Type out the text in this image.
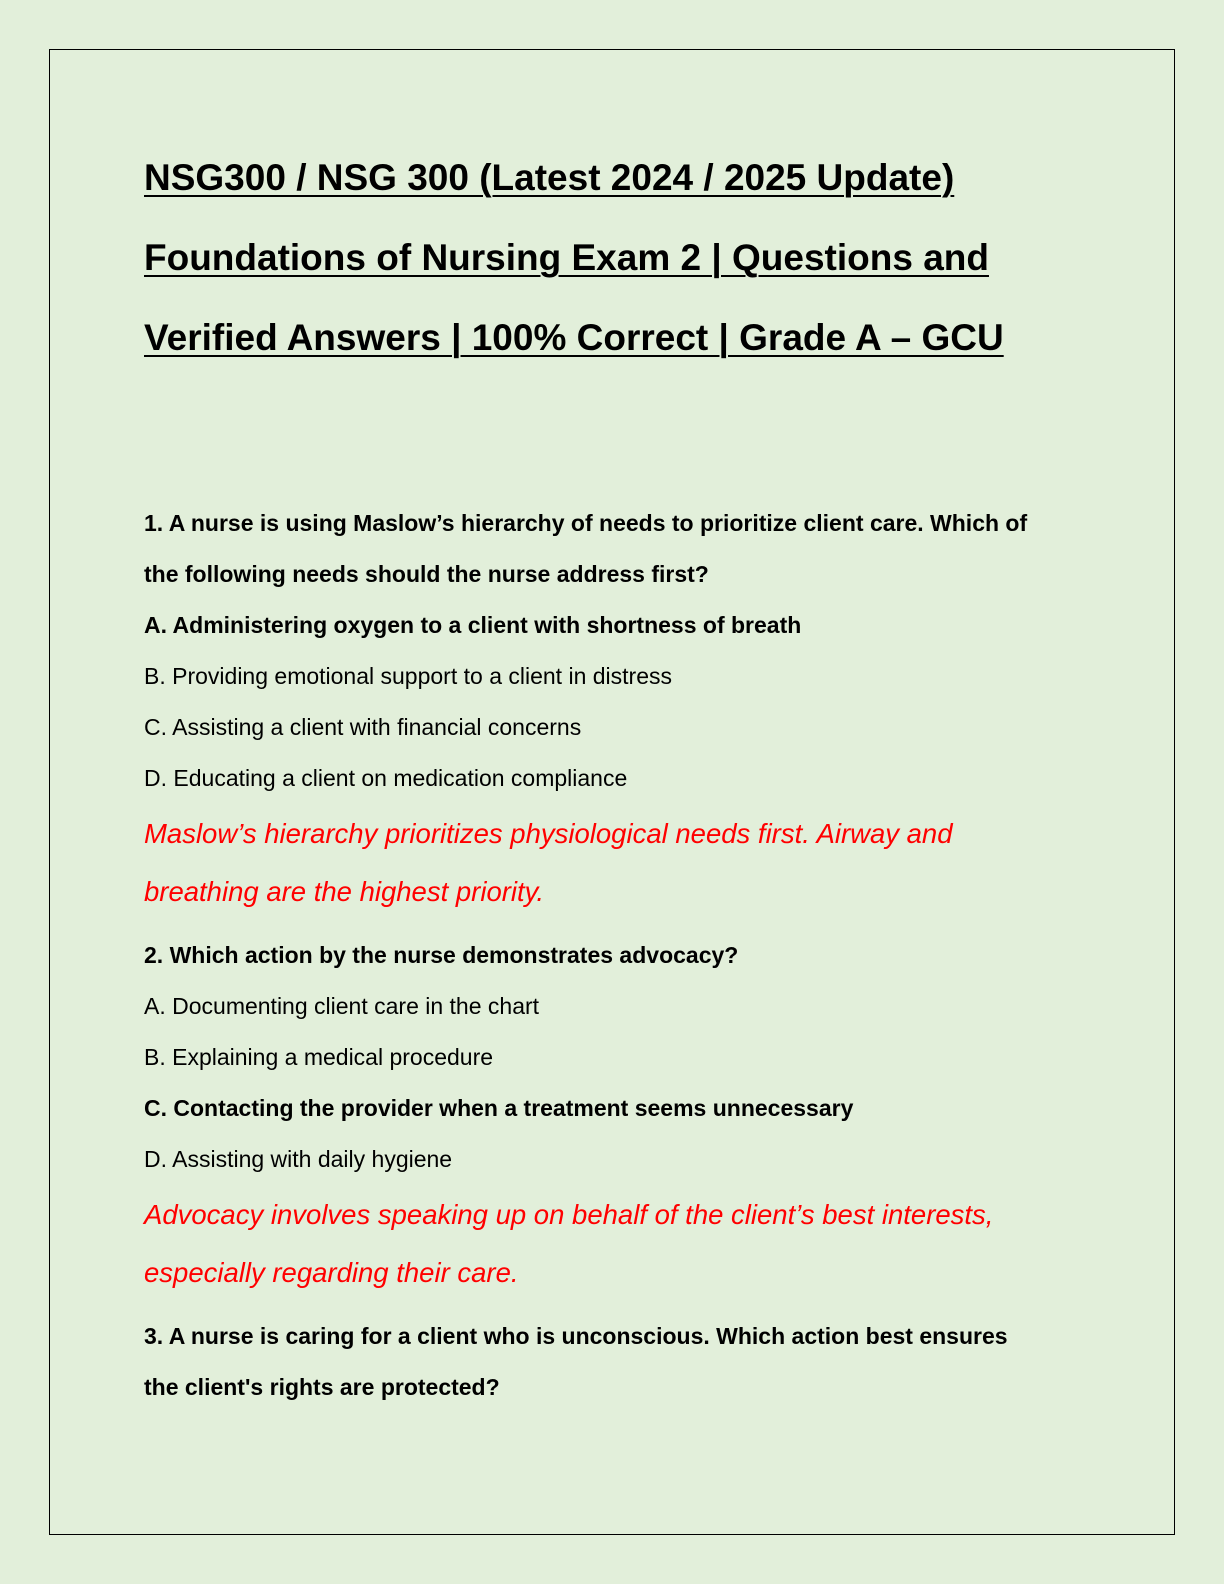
NSG300 / NSG 300 (Latest 2024 / 2025 Update)
Foundations of Nursing Exam 2 | Questions and
Verified Answers | 100% Correct | Grade A – GCU
1. A nurse is using Maslow’s hierarchy of needs to prioritize client care. Which of
the following needs should the nurse address first?
A. Administering oxygen to a client with shortness of breath
B. Providing emotional support to a client in distress
C. Assisting a client with financial concerns
D. Educating a client on medication compliance
Maslow’s hierarchy prioritizes physiological needs first. Airway and
breathing are the highest priority.
2. Which action by the nurse demonstrates advocacy?
A. Documenting client care in the chart
B. Explaining a medical procedure
C. Contacting the provider when a treatment seems unnecessary
D. Assisting with daily hygiene
Advocacy involves speaking up on behalf of the client’s best interests,
especially regarding their care.
3. A nurse is caring for a client who is unconscious. Which action best ensures
the client's rights are protected?
